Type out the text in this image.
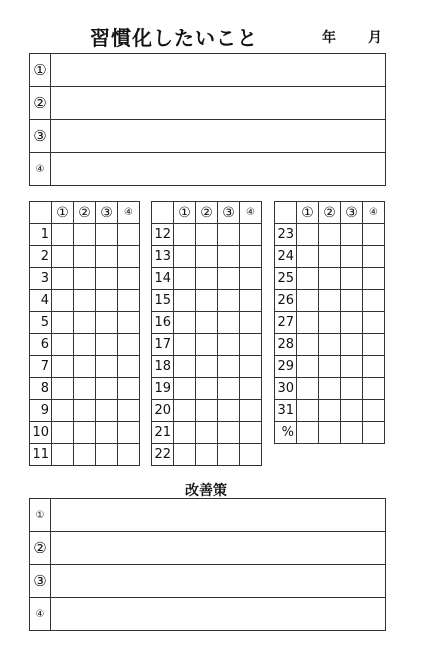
習慣化したいこと	年 月
①	
②	
③	
④	
	①	②	③	④
1				
2				
3				
4				
5				
6				
7				
8				
9				
10				
11				
	①	②	③	④
12				
13				
14				
15				
16				
17				
18				
19				
20				
21				
22				
	①	②	③	④
23				
24				
25				
26				
27				
28				
29				
30				
31				
%				
改善策
①	
②	
③	
④	
